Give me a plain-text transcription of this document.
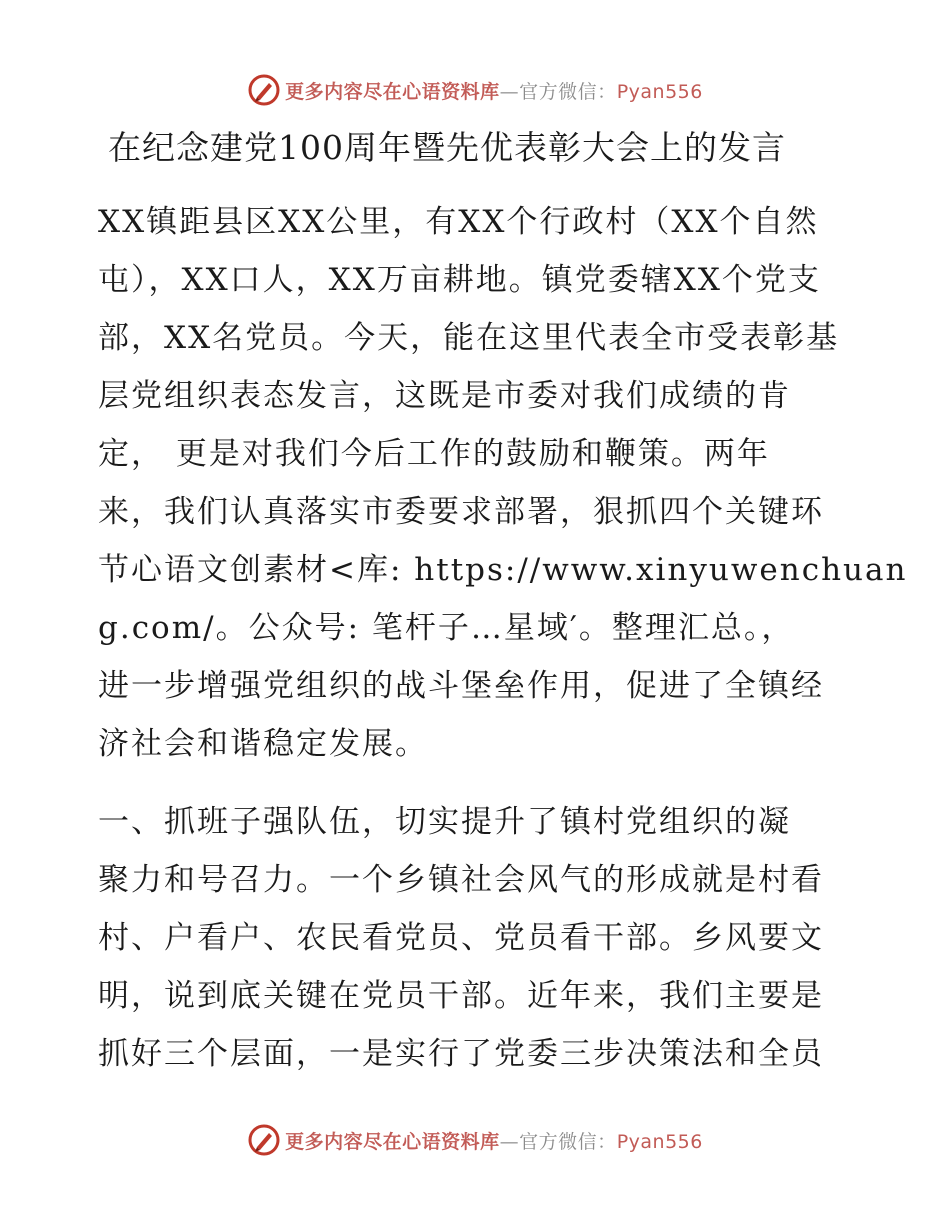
更多内容尽在心语资料库—官方微信：Pyan556
在纪念建党100周年暨先优表彰大会上的发言
XX镇距县区XX公里，有XX个行政村（XX个自然
屯），XX口人，XX万亩耕地。镇党委辖XX个党支
部，XX名党员。今天，能在这里代表全市受表彰基
层党组织表态发言，这既是市委对我们成绩的肯
定， 更是对我们今后工作的鼓励和鞭策。两年
来，我们认真落实市委要求部署，狠抓四个关键环
节心语文创素材<库: https://www.xinyuwenchuan
g.com/。公众号: 笔杆子…星域′。整理汇总。，
进一步增强党组织的战斗堡垒作用，促进了全镇经
济社会和谐稳定发展。
一、抓班子强队伍，切实提升了镇村党组织的凝
聚力和号召力。一个乡镇社会风气的形成就是村看
村、户看户、农民看党员、党员看干部。乡风要文
明，说到底关键在党员干部。近年来，我们主要是
抓好三个层面，一是实行了党委三步决策法和全员
更多内容尽在心语资料库—官方微信：Pyan556
